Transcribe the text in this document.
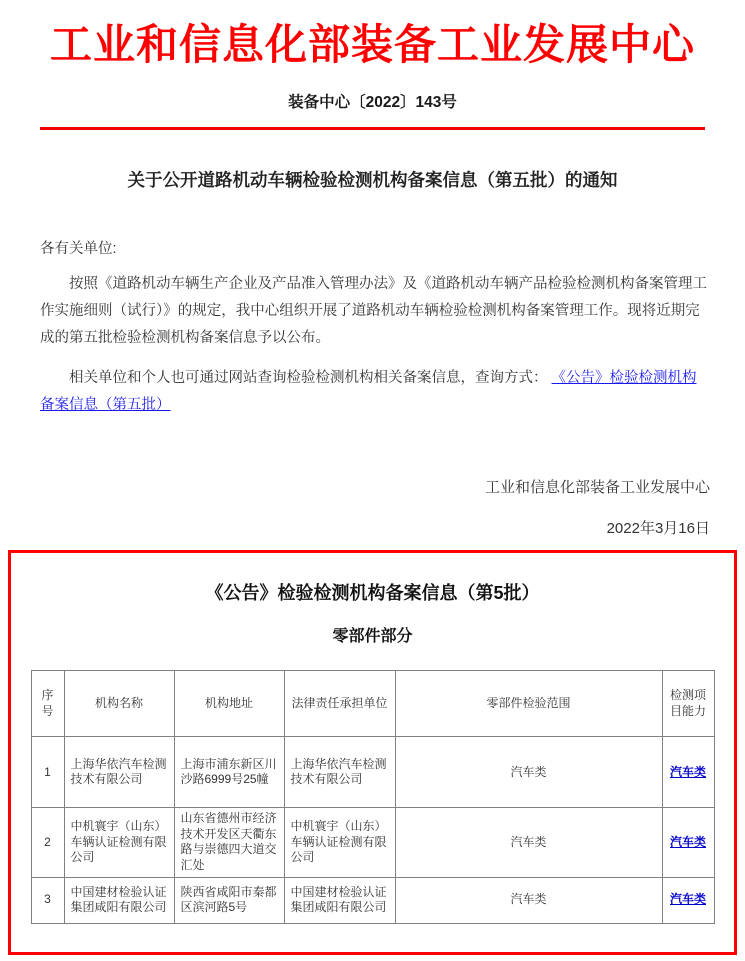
工业和信息化部装备工业发展中心
装备中心〔2022〕143号
关于公开道路机动车辆检验检测机构备案信息（第五批）的通知
各有关单位:

按照《道路机动车辆生产企业及产品准入管理办法》及《道路机动车辆产品检验检测机构备案管理工作实施细则（试行）》的规定，我中心组织开展了道路机动车辆检验检测机构备案管理工作。现将近期完成的第五批检验检测机构备案信息予以公布。

相关单位和个人也可通过网站查询检验检测机构相关备案信息，查询方式： 《公告》检验检测机构备案信息（第五批）

工业和信息化部装备工业发展中心
2022年3月16日
《公告》检验检测机构备案信息（第5批）
零部件部分
序号	机构名称	机构地址	法律责任承担单位	零部件检验范围	检测项目能力
1	上海华依汽车检测技术有限公司	上海市浦东新区川沙路6999号25幢	上海华依汽车检测技术有限公司	汽车类	汽车类
2	中机寰宇（山东）车辆认证检测有限公司	山东省德州市经济技术开发区天衢东路与崇德四大道交汇处	中机寰宇（山东）车辆认证检测有限公司	汽车类	汽车类
3	中国建材检验认证集团咸阳有限公司	陕西省咸阳市秦都区滨河路5号	中国建材检验认证集团咸阳有限公司	汽车类	汽车类
